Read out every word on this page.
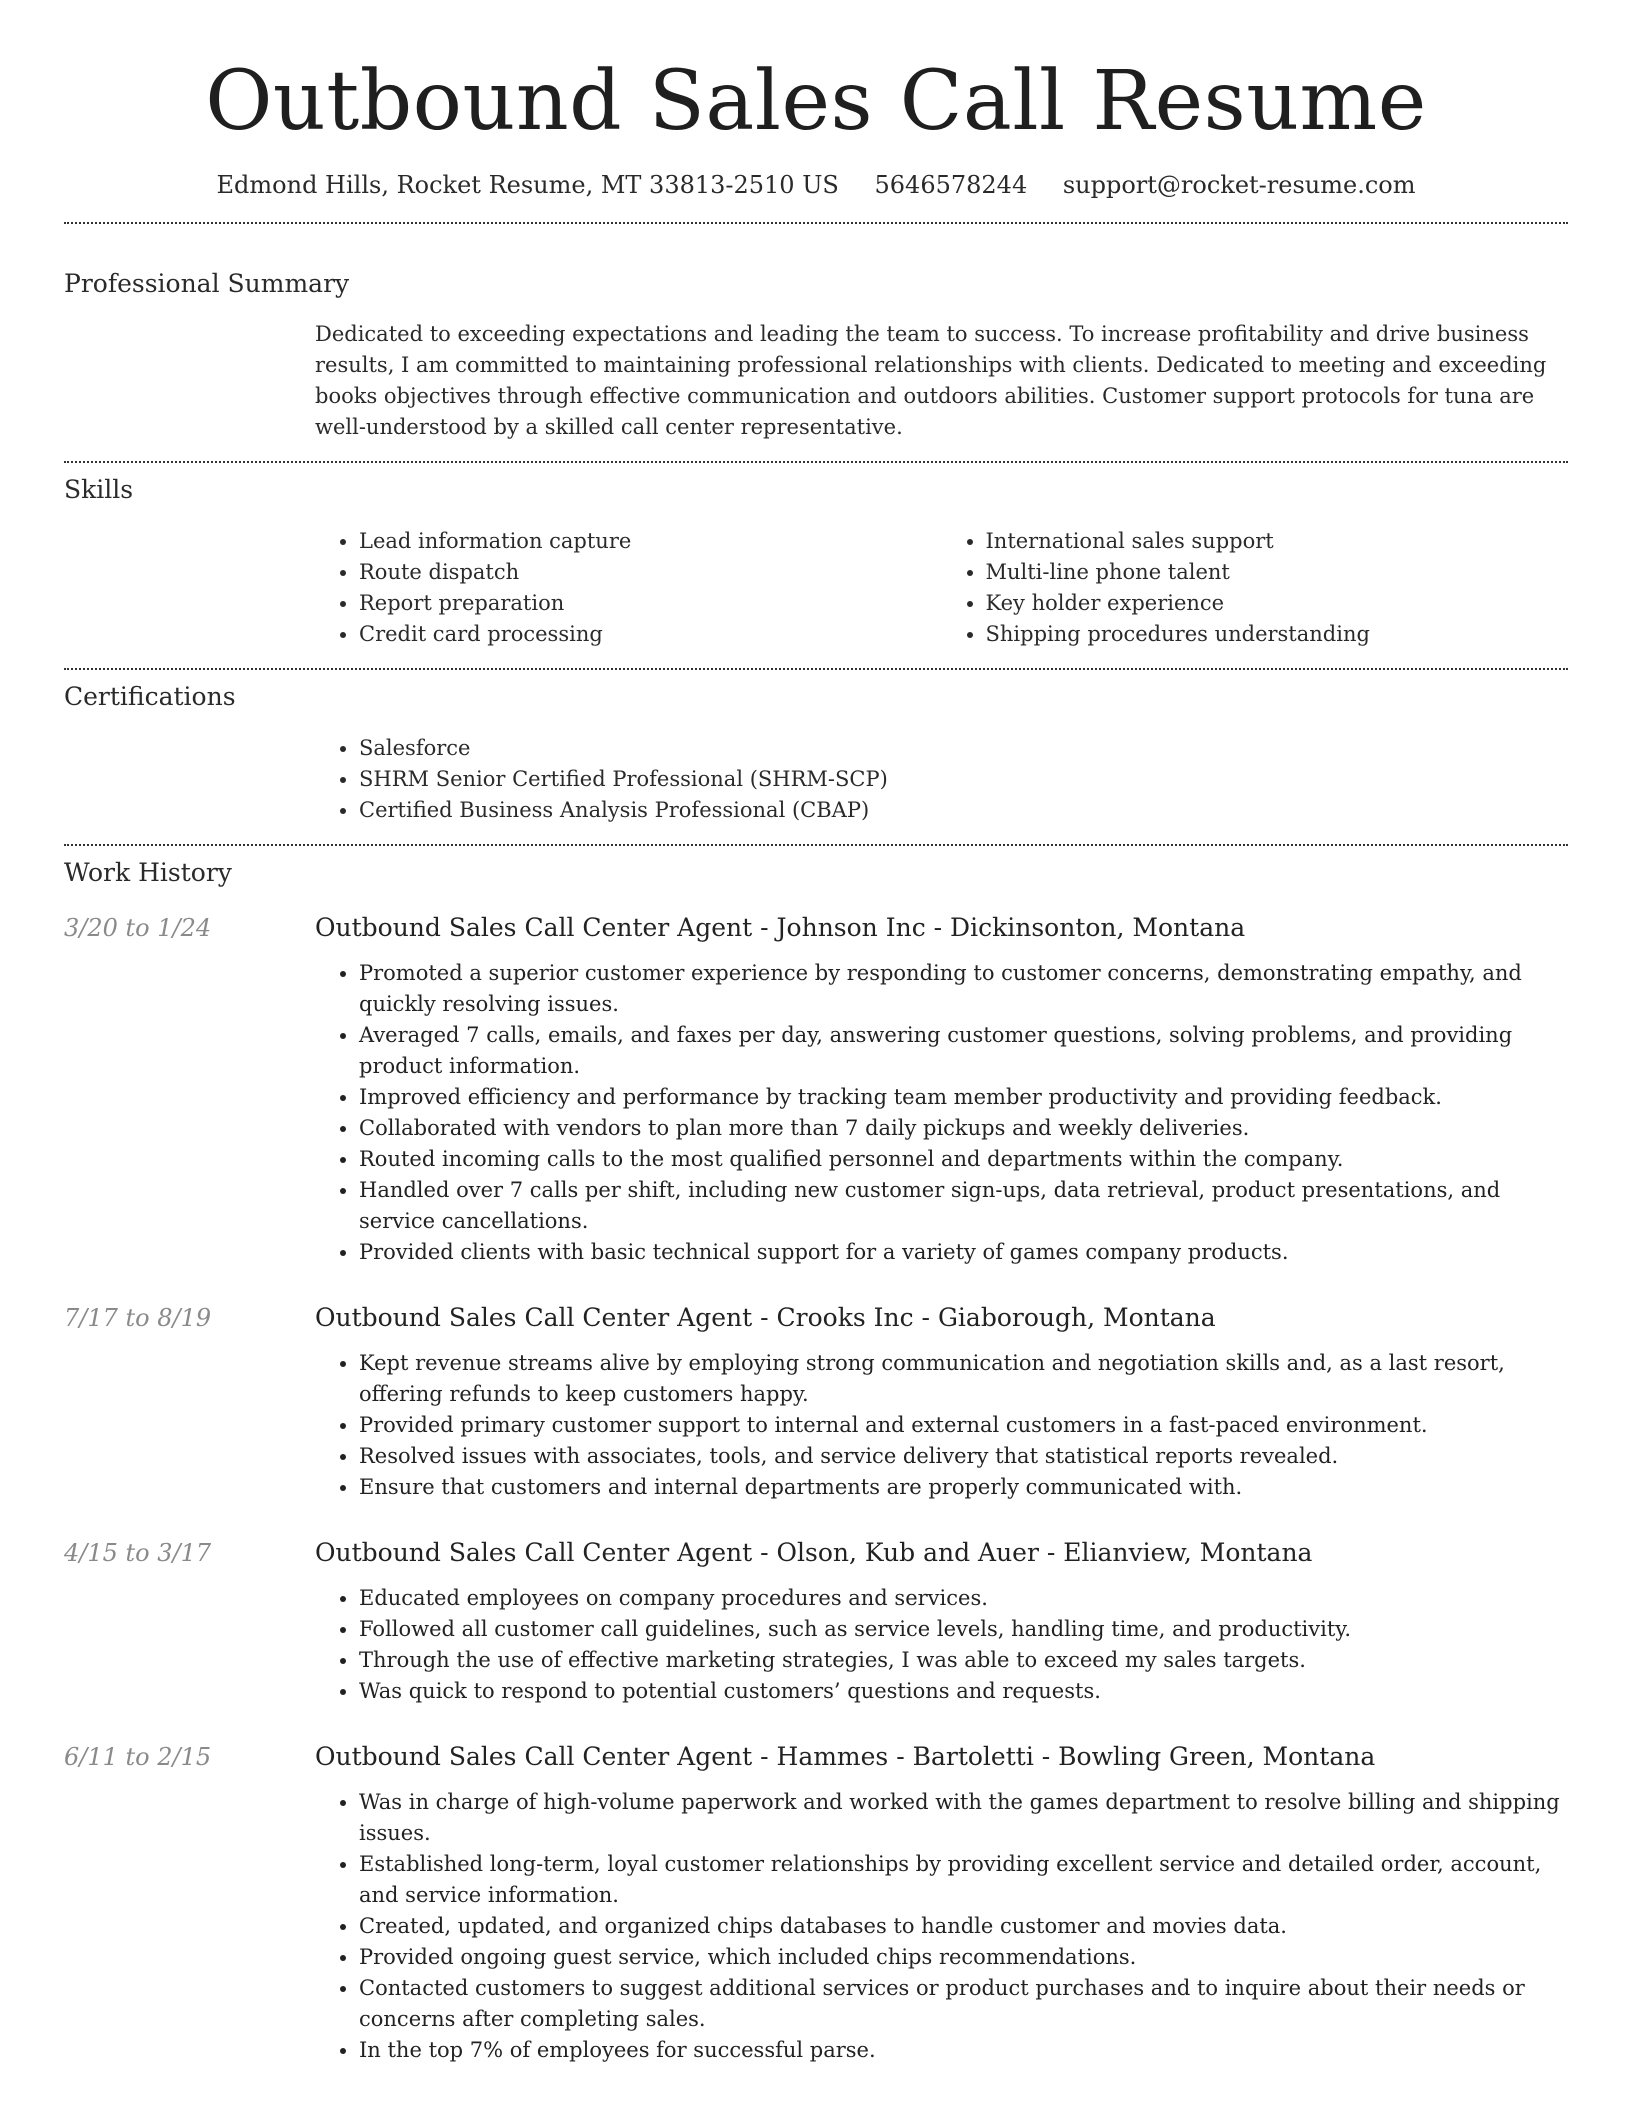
Outbound Sales Call Resume
Edmond Hills, Rocket Resume, MT 33813-2510 US 5646578244 support@rocket-resume.com
Professional Summary

Dedicated to exceeding expectations and leading the team to success. To increase profitability and drive business results, I am committed to maintaining professional relationships with clients. Dedicated to meeting and exceeding books objectives through effective communication and outdoors abilities. Customer support protocols for tuna are well-understood by a skilled call center representative.

Skills
• Lead information capture
• Route dispatch
• Report preparation
• Credit card processing
• International sales support
• Multi-line phone talent
• Key holder experience
• Shipping procedures understanding
Certifications
• Salesforce
• SHRM Senior Certified Professional (SHRM-SCP)
• Certified Business Analysis Professional (CBAP)
Work History
3/20 to 1/24	Outbound Sales Call Center Agent - Johnson Inc - Dickinsonton, Montana
• Promoted a superior customer experience by responding to customer concerns, demonstrating empathy, and quickly resolving issues.
• Averaged 7 calls, emails, and faxes per day, answering customer questions, solving problems, and providing product information.
• Improved efficiency and performance by tracking team member productivity and providing feedback.
• Collaborated with vendors to plan more than 7 daily pickups and weekly deliveries.
• Routed incoming calls to the most qualified personnel and departments within the company.
• Handled over 7 calls per shift, including new customer sign-ups, data retrieval, product presentations, and service cancellations.
• Provided clients with basic technical support for a variety of games company products.
7/17 to 8/19	Outbound Sales Call Center Agent - Crooks Inc - Giaborough, Montana
• Kept revenue streams alive by employing strong communication and negotiation skills and, as a last resort, offering refunds to keep customers happy.
• Provided primary customer support to internal and external customers in a fast-paced environment.
• Resolved issues with associates, tools, and service delivery that statistical reports revealed.
• Ensure that customers and internal departments are properly communicated with.
4/15 to 3/17	Outbound Sales Call Center Agent - Olson, Kub and Auer - Elianview, Montana
• Educated employees on company procedures and services.
• Followed all customer call guidelines, such as service levels, handling time, and productivity.
• Through the use of effective marketing strategies, I was able to exceed my sales targets.
• Was quick to respond to potential customers’ questions and requests.
6/11 to 2/15	Outbound Sales Call Center Agent - Hammes - Bartoletti - Bowling Green, Montana
• Was in charge of high-volume paperwork and worked with the games department to resolve billing and shipping issues.
• Established long-term, loyal customer relationships by providing excellent service and detailed order, account, and service information.
• Created, updated, and organized chips databases to handle customer and movies data.
• Provided ongoing guest service, which included chips recommendations.
• Contacted customers to suggest additional services or product purchases and to inquire about their needs or concerns after completing sales.
• In the top 7% of employees for successful parse.
